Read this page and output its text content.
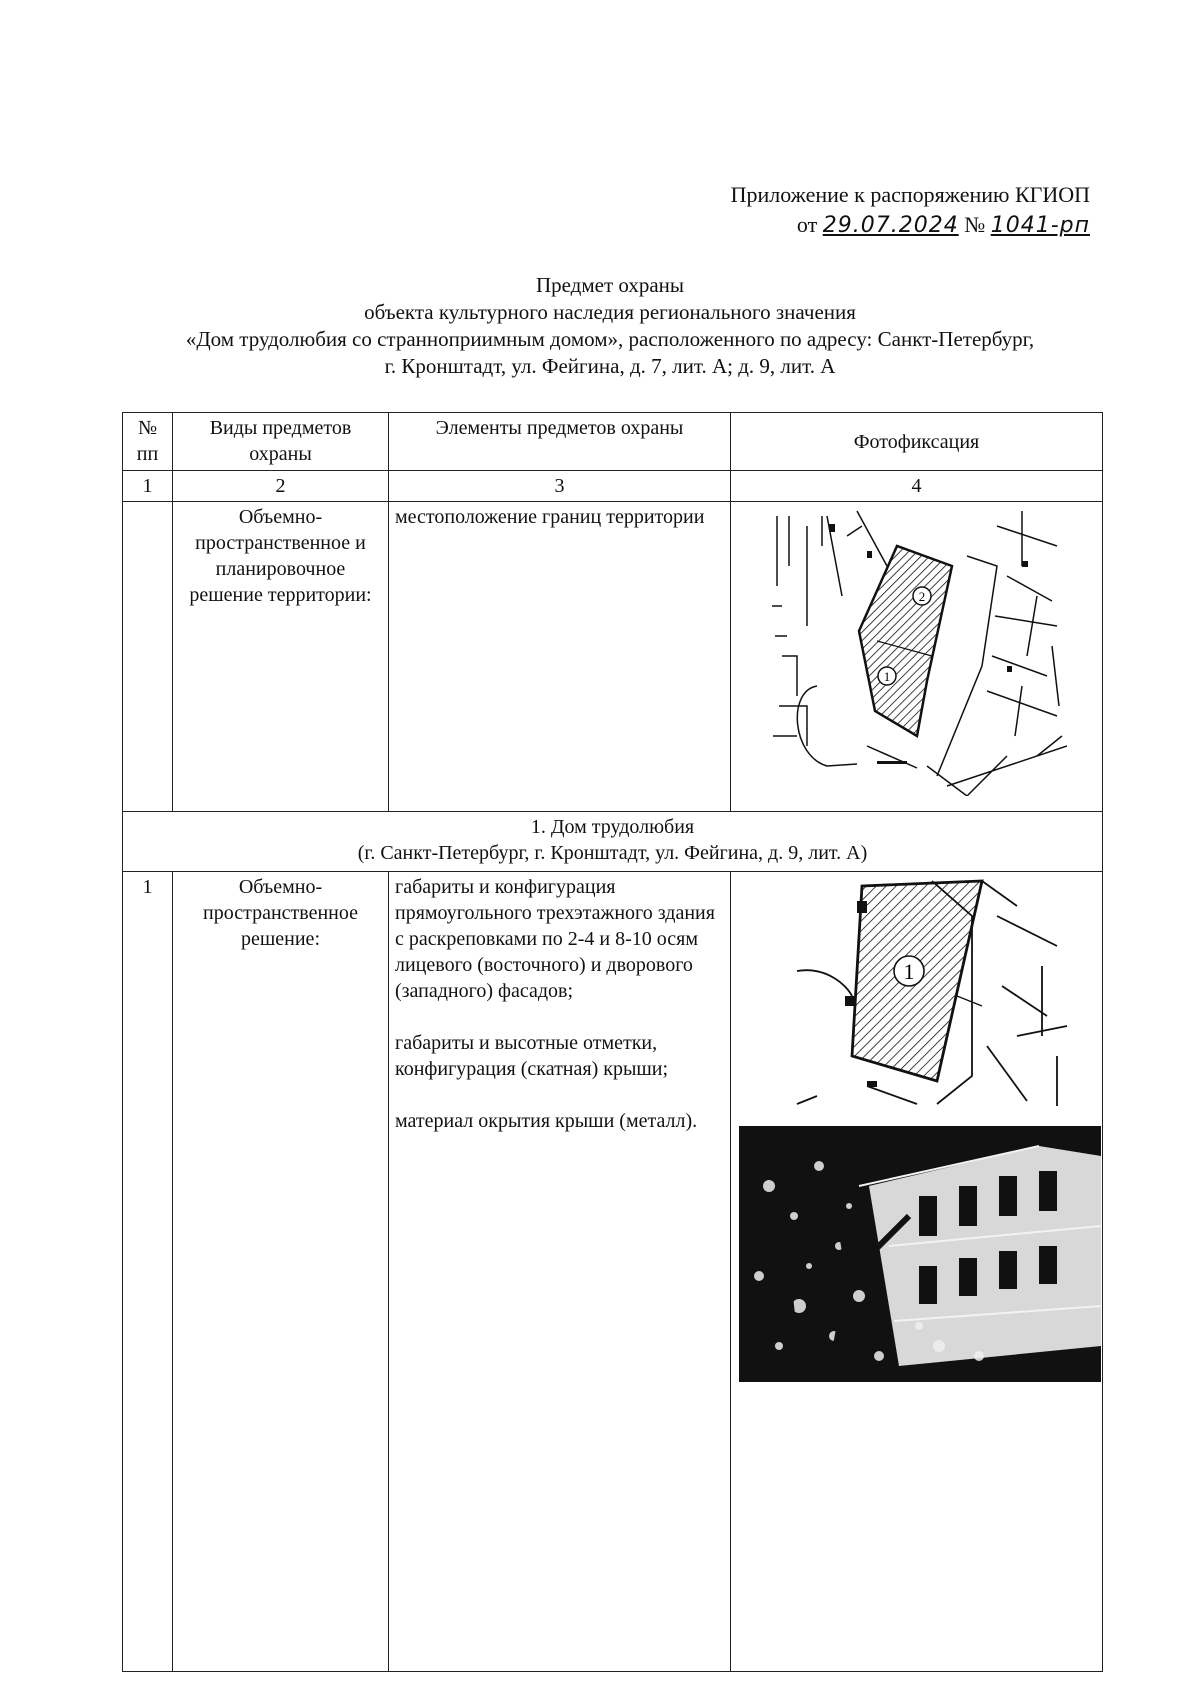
Приложение к распоряжению КГИОП
от 29.07.2024 № 1041-рп
Предмет охраны
объекта культурного наследия регионального значения
«Дом трудолюбия со странноприимным домом», расположенного по адресу: Санкт-Петербург,
г. Кронштадт, ул. Фейгина, д. 7, лит. А; д. 9, лит. А
№ пп	Виды предметов охраны	Элементы предметов охраны	Фотофиксация
1	2	3	4
	Объемно-пространственное и планировочное решение территории:	местоположение границ территории	2
1

1. Дом трудолюбия
(г. Санкт-Петербург, г. Кронштадт, ул. Фейгина, д. 9, лит. А)			

1	Объемно-пространственное решение:	габариты и конфигурация прямоугольного трехэтажного здания с раскреповками по 2-4 и 8-10 осям лицевого (восточного) и дворового (западного) фасадов;
габариты и высотные отметки, конфигурация (скатная) крыши;
материал окрытия крыши (металл).	1
